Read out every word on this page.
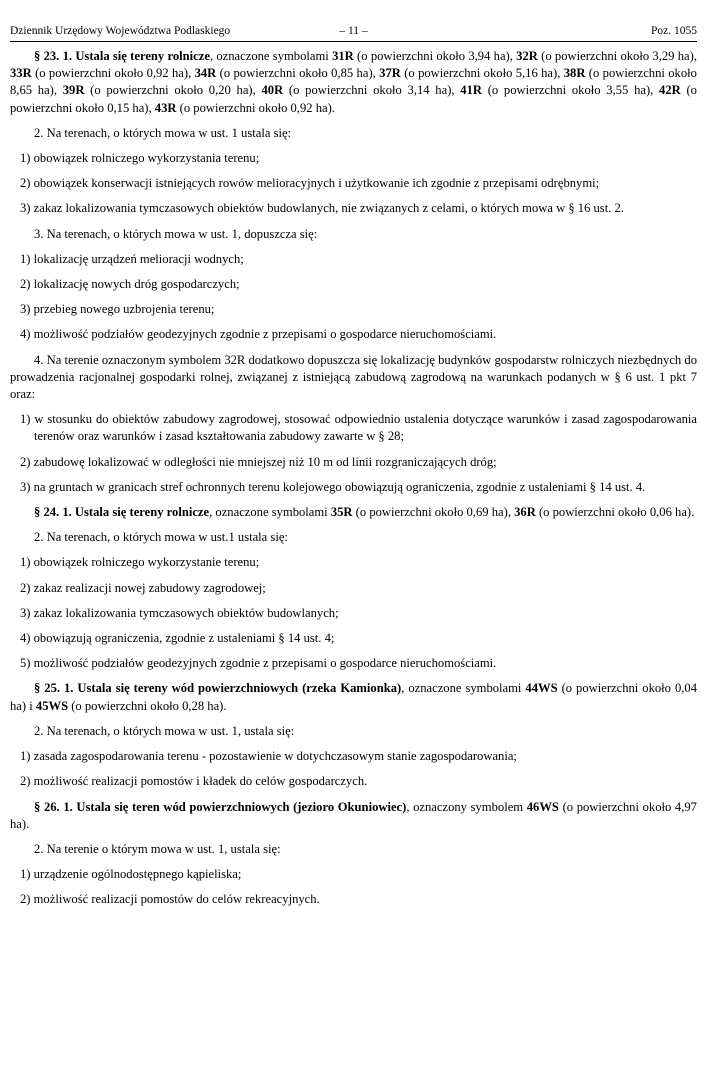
Dziennik Urzędowy Województwa Podlaskiego	– 11 –	Poz. 1055

§ 23. 1. Ustala się tereny rolnicze, oznaczone symbolami 31R (o powierzchni około 3,94 ha), 32R (o powierzchni około 3,29 ha), 33R (o powierzchni około 0,92 ha), 34R (o powierzchni około 0,85 ha), 37R (o powierzchni około 5,16 ha), 38R (o powierzchni około 8,65 ha), 39R (o powierzchni około 0,20 ha), 40R (o powierzchni około 3,14 ha), 41R (o powierzchni około 3,55 ha), 42R (o powierzchni około 0,15 ha), 43R (o powierzchni około 0,92 ha).

2. Na terenach, o których mowa w ust. 1 ustala się:

1) obowiązek rolniczego wykorzystania terenu;

2) obowiązek konserwacji istniejących rowów melioracyjnych i użytkowanie ich zgodnie z przepisami odrębnymi;

3) zakaz lokalizowania tymczasowych obiektów budowlanych, nie związanych z celami, o których mowa w § 16 ust. 2.

3. Na terenach, o których mowa w ust. 1, dopuszcza się:

1) lokalizację urządzeń melioracji wodnych;

2) lokalizację nowych dróg gospodarczych;

3) przebieg nowego uzbrojenia terenu;

4) możliwość podziałów geodezyjnych zgodnie z przepisami o gospodarce nieruchomościami.

4. Na terenie oznaczonym symbolem 32R dodatkowo dopuszcza się lokalizację budynków gospodarstw rolniczych niezbędnych do prowadzenia racjonalnej gospodarki rolnej, związanej z istniejącą zabudową zagrodową na warunkach podanych w § 6 ust. 1 pkt 7 oraz:

1) w stosunku do obiektów zabudowy zagrodowej, stosować odpowiednio ustalenia dotyczące warunków i zasad zagospodarowania terenów oraz warunków i zasad kształtowania zabudowy zawarte w § 28;

2) zabudowę lokalizować w odległości nie mniejszej niż 10 m od linii rozgraniczających dróg;

3) na gruntach w granicach stref ochronnych terenu kolejowego obowiązują ograniczenia, zgodnie z ustaleniami § 14 ust. 4.

§ 24. 1. Ustala się tereny rolnicze, oznaczone symbolami 35R (o powierzchni około 0,69 ha), 36R (o powierzchni około 0,06 ha).

2. Na terenach, o których mowa w ust.1 ustala się:

1) obowiązek rolniczego wykorzystanie terenu;

2) zakaz realizacji nowej zabudowy zagrodowej;

3) zakaz lokalizowania tymczasowych obiektów budowlanych;

4) obowiązują ograniczenia, zgodnie z ustaleniami § 14 ust. 4;

5) możliwość podziałów geodezyjnych zgodnie z przepisami o gospodarce nieruchomościami.

§ 25. 1. Ustala się tereny wód powierzchniowych (rzeka Kamionka), oznaczone symbolami 44WS (o powierzchni około 0,04 ha) i 45WS (o powierzchni około 0,28 ha).

2. Na terenach, o których mowa w ust. 1, ustala się:

1) zasada zagospodarowania terenu - pozostawienie w dotychczasowym stanie zagospodarowania;

2) możliwość realizacji pomostów i kładek do celów gospodarczych.

§ 26. 1. Ustala się teren wód powierzchniowych (jezioro Okuniowiec), oznaczony symbolem 46WS (o powierzchni około 4,97 ha).

2. Na terenie o którym mowa w ust. 1, ustala się:

1) urządzenie ogólnodostępnego kąpieliska;

2) możliwość realizacji pomostów do celów rekreacyjnych.
